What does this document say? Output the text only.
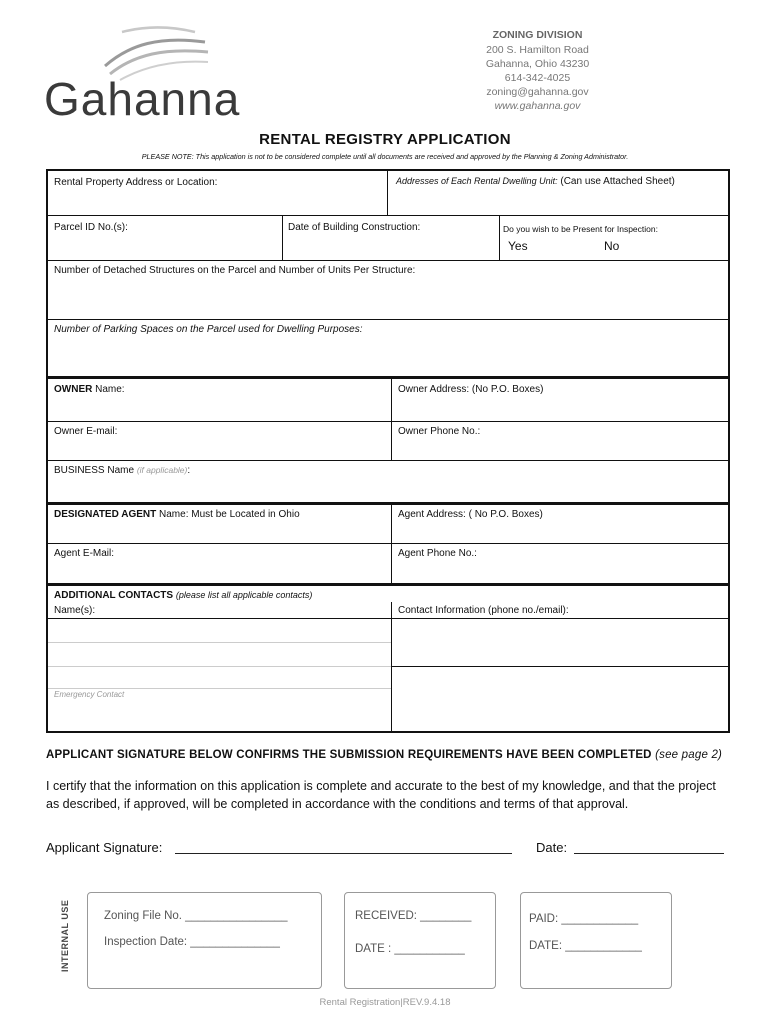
Gahanna
ZONING DIVISION
200 S. Hamilton Road
Gahanna, Ohio 43230
614-342-4025
zoning@gahanna.gov
www.gahanna.gov
RENTAL REGISTRY APPLICATION
PLEASE NOTE: This application is not to be considered complete until all documents are received and approved by the Planning & Zoning Administrator.
Rental Property Address or Location:	Addresses of Each Rental Dwelling Unit: (Can use Attached Sheet)
Parcel ID No.(s):	Date of Building Construction:	Do you wish to be Present for Inspection:
Yes	No
Number of Detached Structures on the Parcel and Number of Units Per Structure:
Number of Parking Spaces on the Parcel used for Dwelling Purposes:
OWNER Name:	Owner Address: (No P.O. Boxes)
Owner E-mail:	Owner Phone No.:
BUSINESS Name (if applicable):
DESIGNATED AGENT Name: Must be Located in Ohio	Agent Address: ( No P.O. Boxes)
Agent E-Mail:	Agent Phone No.:
ADDITIONAL CONTACTS (please list all applicable contacts)
Name(s):	Contact Information (phone no./email):
Emergency Contact
APPLICANT SIGNATURE BELOW CONFIRMS THE SUBMISSION REQUIREMENTS HAVE BEEN COMPLETED (see page 2)
I certify that the information on this application is complete and accurate to the best of my knowledge, and that the project as described, if approved, will be completed in accordance with the conditions and terms of that approval.
Applicant Signature:	Date:
INTERNAL USE	Zoning File No. ________________
Inspection Date: ______________
RECEIVED: ________
DATE : ___________
PAID: ____________
DATE: ____________
Rental Registration|REV.9.4.18
